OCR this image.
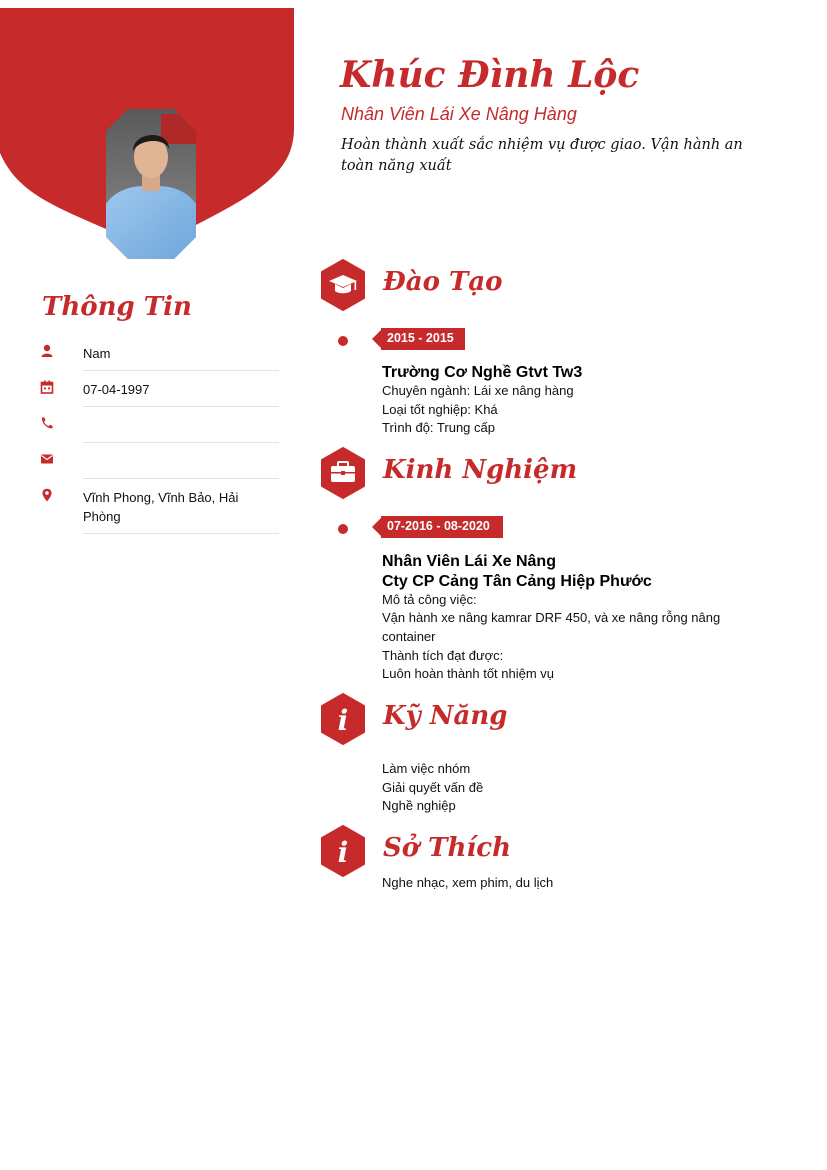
Khúc Đình Lộc
Nhân Viên Lái Xe Nâng Hàng
Hoàn thành xuất sắc nhiệm vụ được giao. Vận hành an toàn năng xuất
Thông Tin
Nam
07-04-1997
Vĩnh Phong, Vĩnh Bảo, Hải Phòng
Đào Tạo
2015 - 2015
Trường Cơ Nghề Gtvt Tw3
Chuyên ngành: Lái xe nâng hàng
Loại tốt nghiệp: Khá
Trình độ: Trung cấp
Kinh Nghiệm
07-2016 - 08-2020
Nhân Viên Lái Xe Nâng
Cty CP Cảng Tân Cảng Hiệp Phước
Mô tả công việc:
Vận hành xe nâng kamrar DRF 450, và xe nâng rỗng nâng
container
Thành tích đạt được:
Luôn hoàn thành tốt nhiệm vụ
i Kỹ Năng
Làm việc nhóm
Giải quyết vấn đề
Nghề nghiệp
i Sở Thích
Nghe nhạc, xem phim, du lịch
